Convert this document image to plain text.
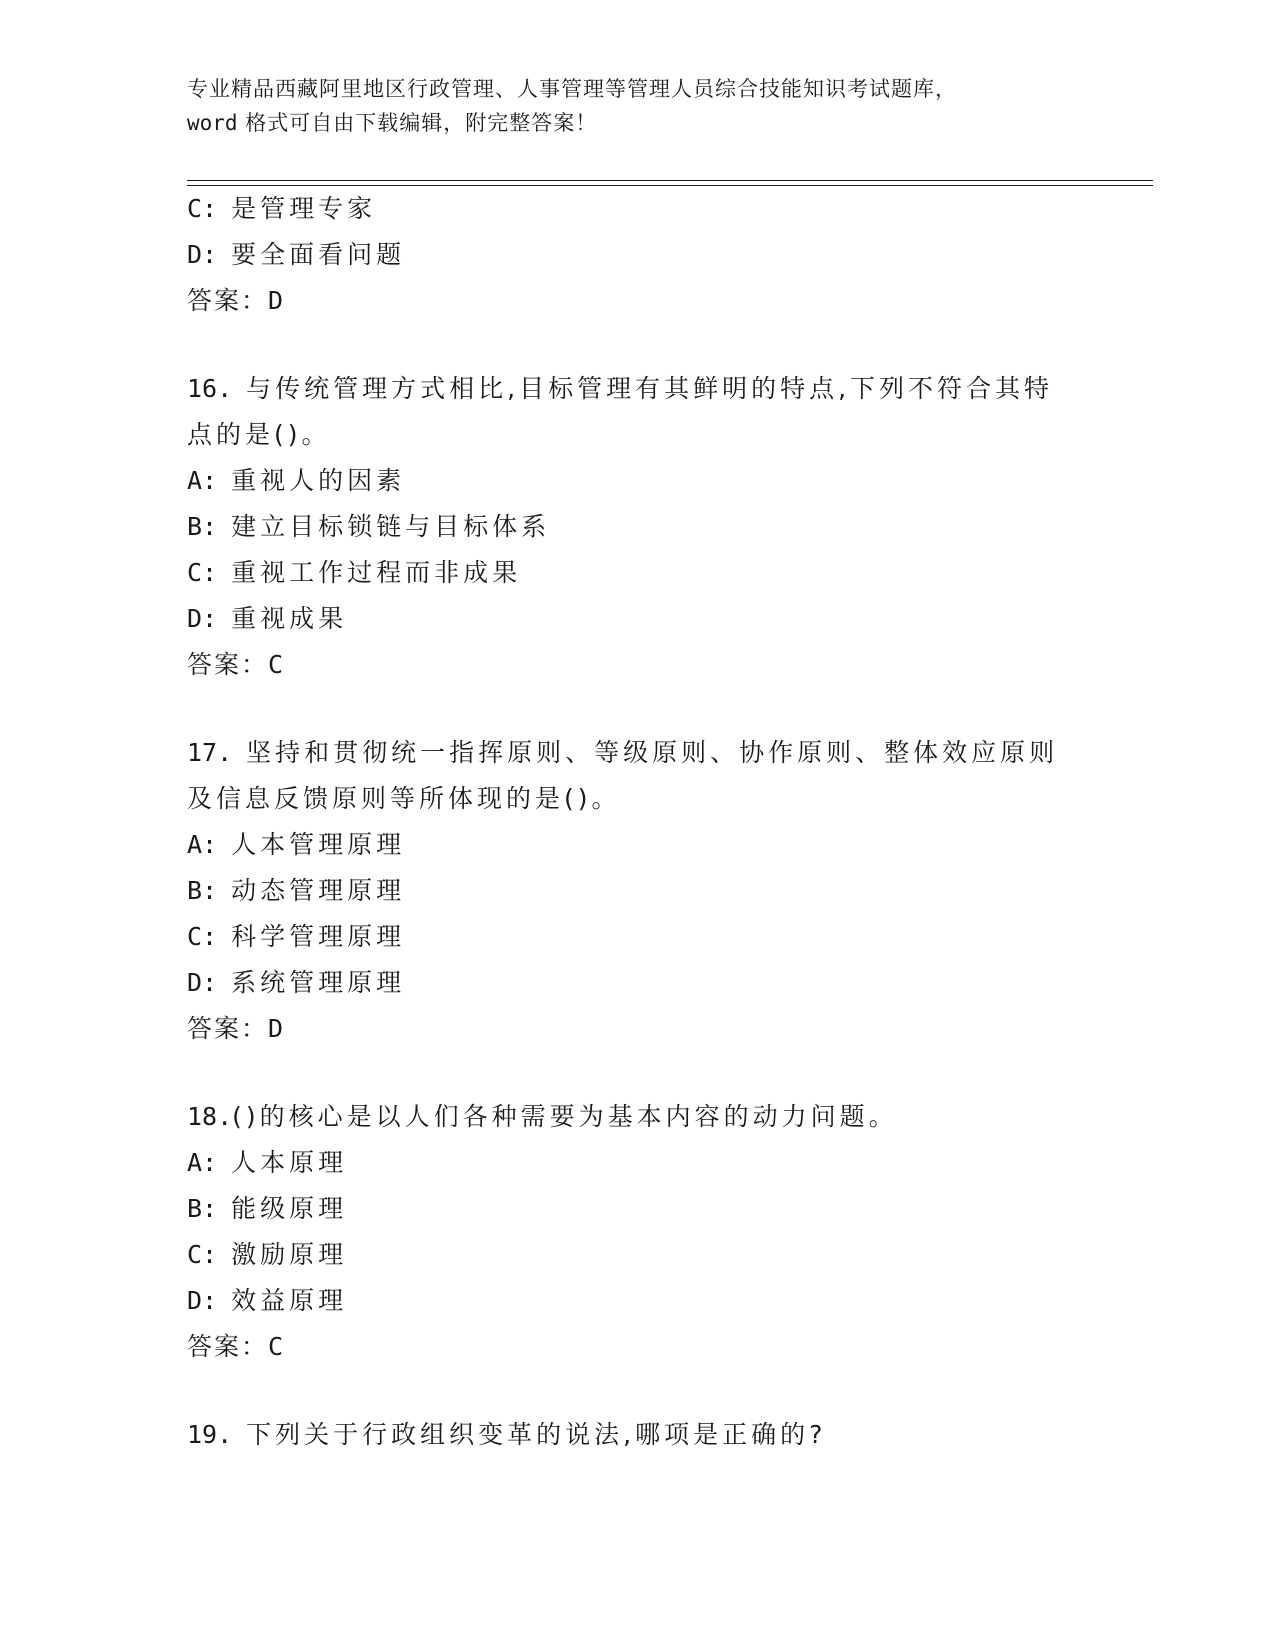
专业精品西藏阿里地区行政管理、人事管理等管理人员综合技能知识考试题库，
word 格式可自由下载编辑，附完整答案！
C: 是管理专家
D: 要全面看问题
答案：D
16. 与传统管理方式相比,目标管理有其鲜明的特点,下列不符合其特
点的是()。
A: 重视人的因素
B: 建立目标锁链与目标体系
C: 重视工作过程而非成果
D: 重视成果
答案：C
17. 坚持和贯彻统一指挥原则、等级原则、协作原则、整体效应原则
及信息反馈原则等所体现的是()。
A: 人本管理原理
B: 动态管理原理
C: 科学管理原理
D: 系统管理原理
答案：D
18.()的核心是以人们各种需要为基本内容的动力问题。
A: 人本原理
B: 能级原理
C: 激励原理
D: 效益原理
答案：C
19. 下列关于行政组织变革的说法,哪项是正确的?
